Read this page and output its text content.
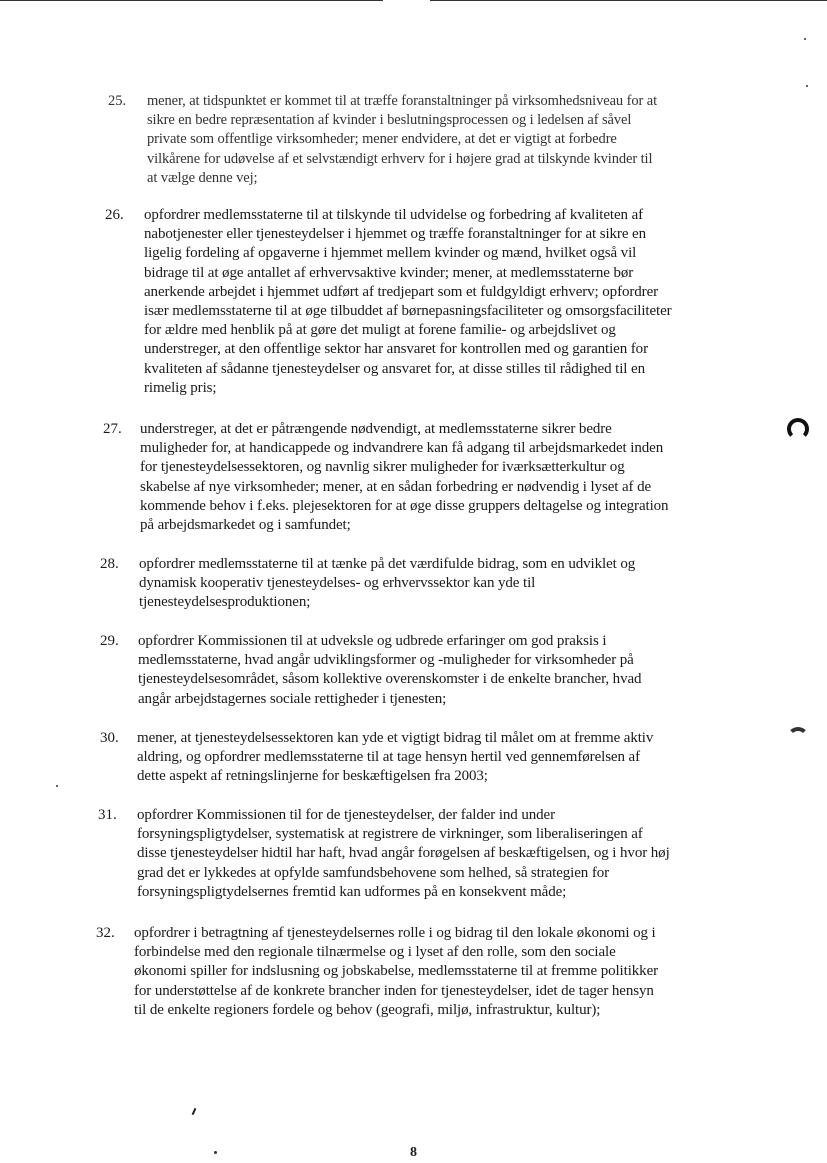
25.	mener, at tidspunktet er kommet til at træffe foranstaltninger på virksomhedsniveau for at
sikre en bedre repræsentation af kvinder i beslutningsprocessen og i ledelsen af såvel
private som offentlige virksomheder; mener endvidere, at det er vigtigt at forbedre
vilkårene for udøvelse af et selvstændigt erhverv for i højere grad at tilskynde kvinder til
at vælge denne vej;
26.	opfordrer medlemsstaterne til at tilskynde til udvidelse og forbedring af kvaliteten af
nabotjenester eller tjenesteydelser i hjemmet og træffe foranstaltninger for at sikre en
ligelig fordeling af opgaverne i hjemmet mellem kvinder og mænd, hvilket også vil
bidrage til at øge antallet af erhvervsaktive kvinder; mener, at medlemsstaterne bør
anerkende arbejdet i hjemmet udført af tredjepart som et fuldgyldigt erhverv; opfordrer
især medlemsstaterne til at øge tilbuddet af børnepasningsfaciliteter og omsorgsfaciliteter
for ældre med henblik på at gøre det muligt at forene familie- og arbejdslivet og
understreger, at den offentlige sektor har ansvaret for kontrollen med og garantien for
kvaliteten af sådanne tjenesteydelser og ansvaret for, at disse stilles til rådighed til en
rimelig pris;
27.	understreger, at det er påtrængende nødvendigt, at medlemsstaterne sikrer bedre
muligheder for, at handicappede og indvandrere kan få adgang til arbejdsmarkedet inden
for tjenesteydelsessektoren, og navnlig sikrer muligheder for iværksætterkultur og
skabelse af nye virksomheder; mener, at en sådan forbedring er nødvendig i lyset af de
kommende behov i f.eks. plejesektoren for at øge disse gruppers deltagelse og integration
på arbejdsmarkedet og i samfundet;
28.	opfordrer medlemsstaterne til at tænke på det værdifulde bidrag, som en udviklet og
dynamisk kooperativ tjenesteydelses- og erhvervssektor kan yde til
tjenesteydelsesproduktionen;
29.	opfordrer Kommissionen til at udveksle og udbrede erfaringer om god praksis i
medlemsstaterne, hvad angår udviklingsformer og -muligheder for virksomheder på
tjenesteydelsesområdet, såsom kollektive overenskomster i de enkelte brancher, hvad
angår arbejdstagernes sociale rettigheder i tjenesten;
30.	mener, at tjenesteydelsessektoren kan yde et vigtigt bidrag til målet om at fremme aktiv
aldring, og opfordrer medlemsstaterne til at tage hensyn hertil ved gennemførelsen af
dette aspekt af retningslinjerne for beskæftigelsen fra 2003;
31.	opfordrer Kommissionen til for de tjenesteydelser, der falder ind under
forsyningspligtydelser, systematisk at registrere de virkninger, som liberaliseringen af
disse tjenesteydelser hidtil har haft, hvad angår forøgelsen af beskæftigelsen, og i hvor høj
grad det er lykkedes at opfylde samfundsbehovene som helhed, så strategien for
forsyningspligtydelsernes fremtid kan udformes på en konsekvent måde;
32.	opfordrer i betragtning af tjenesteydelsernes rolle i og bidrag til den lokale økonomi og i
forbindelse med den regionale tilnærmelse og i lyset af den rolle, som den sociale
økonomi spiller for indslusning og jobskabelse, medlemsstaterne til at fremme politikker
for understøttelse af de konkrete brancher inden for tjenesteydelser, idet de tager hensyn
til de enkelte regioners fordele og behov (geografi, miljø, infrastruktur, kultur);
8
